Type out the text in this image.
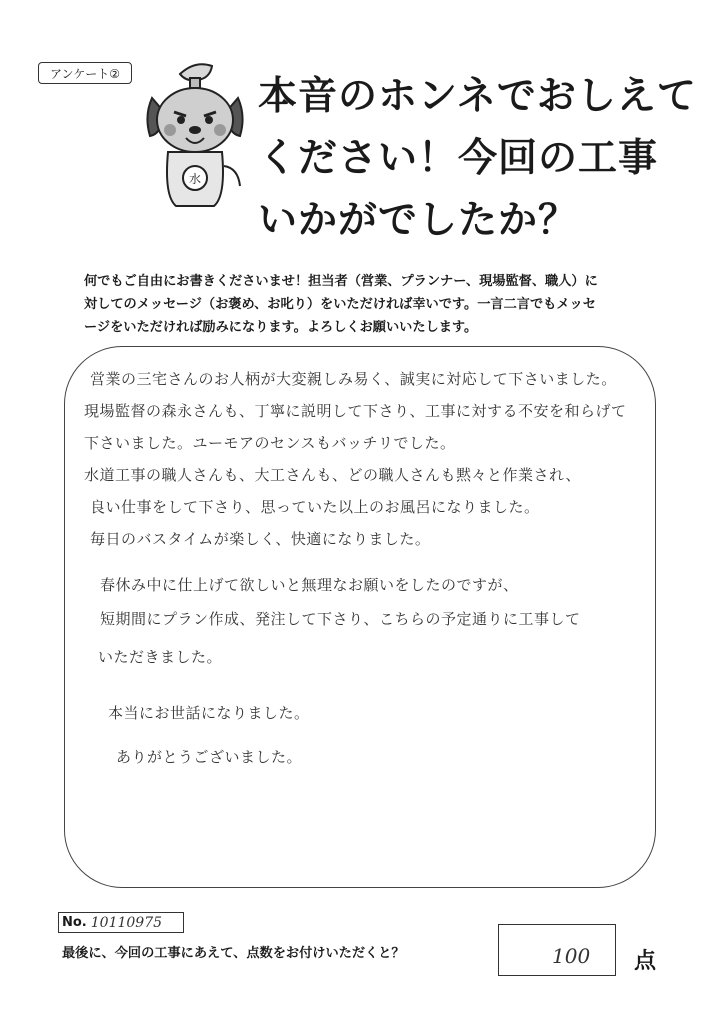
アンケート②
水
本音のホンネでおしえて
ください！今回の工事
いかがでしたか？
何でもご自由にお書きくださいませ！担当者（営業、プランナー、現場監督、職人）に
対してのメッセージ（お褒め、お叱り）をいただければ幸いです。一言二言でもメッセ
ージをいただければ励みになります。よろしくお願いいたします。
営業の三宅さんのお人柄が大変親しみ易く、誠実に対応して下さいました。
現場監督の森永さんも、丁寧に説明して下さり、工事に対する不安を和らげて
下さいました。ユーモアのセンスもバッチリでした。
水道工事の職人さんも、大工さんも、どの職人さんも黙々と作業され、
良い仕事をして下さり、思っていた以上のお風呂になりました。
毎日のバスタイムが楽しく、快適になりました。
春休み中に仕上げて欲しいと無理なお願いをしたのですが、
短期間にプラン作成、発注して下さり、こちらの予定通りに工事して
いただきました。
本当にお世話になりました。
ありがとうございました。
No. 10110975
最後に、今回の工事にあえて、点数をお付けいただくと？	100 点
